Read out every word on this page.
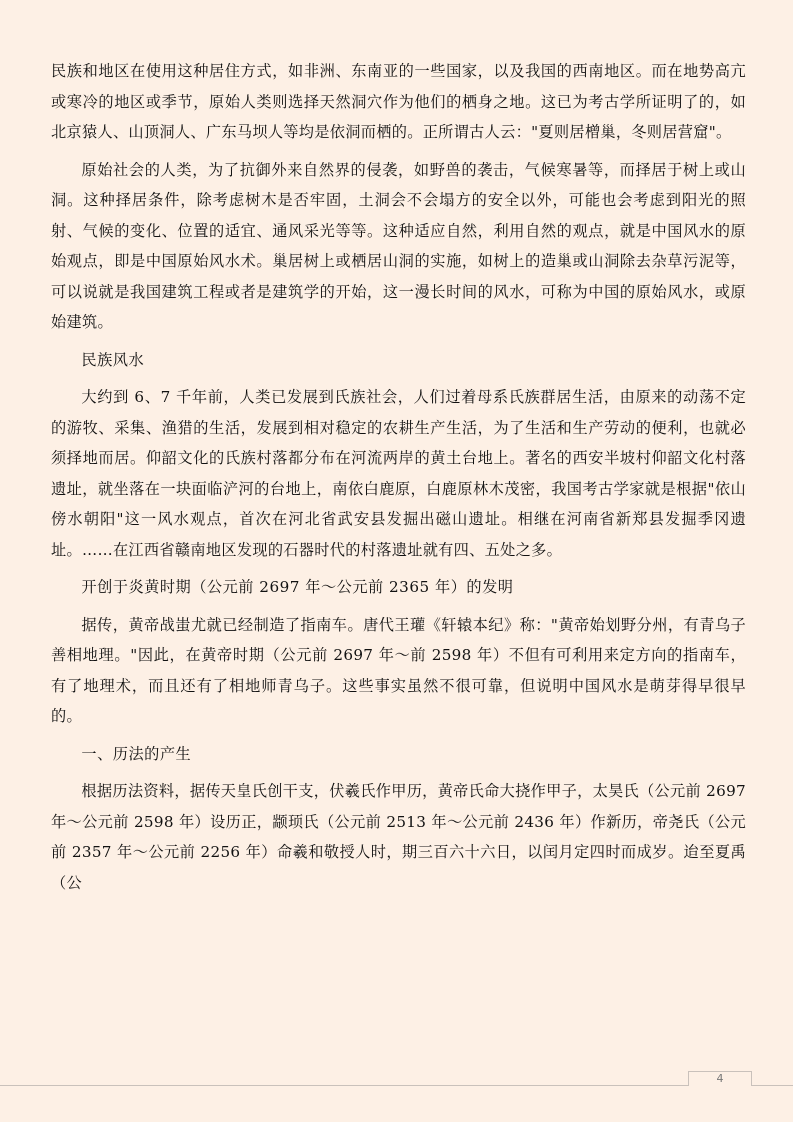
民族和地区在使用这种居住方式，如非洲、东南亚的一些国家，以及我国的西南地区。而在地势高亢或寒冷的地区或季节，原始人类则选择天然洞穴作为他们的栖身之地。这已为考古学所证明了的，如北京猿人、山顶洞人、广东马坝人等均是依洞而栖的。正所谓古人云："夏则居橧巢，冬则居营窟"。

原始社会的人类，为了抗御外来自然界的侵袭，如野兽的袭击，气候寒暑等，而择居于树上或山洞。这种择居条件，除考虑树木是否牢固，土洞会不会塌方的安全以外，可能也会考虑到阳光的照射、气候的变化、位置的适宜、通风采光等等。这种适应自然，利用自然的观点，就是中国风水的原始观点，即是中国原始风水术。巢居树上或栖居山洞的实施，如树上的造巢或山洞除去杂草污泥等，可以说就是我国建筑工程或者是建筑学的开始，这一漫长时间的风水，可称为中国的原始风水，或原始建筑。

民族风水

大约到 6、7 千年前，人类已发展到氏族社会，人们过着母系氏族群居生活，由原来的动荡不定的游牧、采集、渔猎的生活，发展到相对稳定的农耕生产生活，为了生活和生产劳动的便利，也就必须择地而居。仰韶文化的氏族村落都分布在河流两岸的黄土台地上。著名的西安半坡村仰韶文化村落遗址，就坐落在一块面临浐河的台地上，南依白鹿原，白鹿原林木茂密，我国考古学家就是根据"依山傍水朝阳"这一风水观点，首次在河北省武安县发掘出磁山遗址。相继在河南省新郑县发掘季冈遗址。……在江西省赣南地区发现的石器时代的村落遗址就有四、五处之多。

开创于炎黄时期（公元前 2697 年～公元前 2365 年）的发明

据传，黄帝战蚩尤就已经制造了指南车。唐代王瓘《轩辕本纪》称："黄帝始划野分州，有青乌子善相地理。"因此，在黄帝时期（公元前 2697 年～前 2598 年）不但有可利用来定方向的指南车，有了地理术，而且还有了相地师青乌子。这些事实虽然不很可靠，但说明中国风水是萌芽得早很早的。

一、历法的产生

根据历法资料，据传天皇氏创干支，伏羲氏作甲历，黄帝氏命大挠作甲子，太昊氏（公元前 2697 年～公元前 2598 年）设历正，颛顼氏（公元前 2513 年～公元前 2436 年）作新历，帝尧氏（公元前 2357 年～公元前 2256 年）命羲和敬授人时，期三百六十六日，以闰月定四时而成岁。迨至夏禹（公

4
